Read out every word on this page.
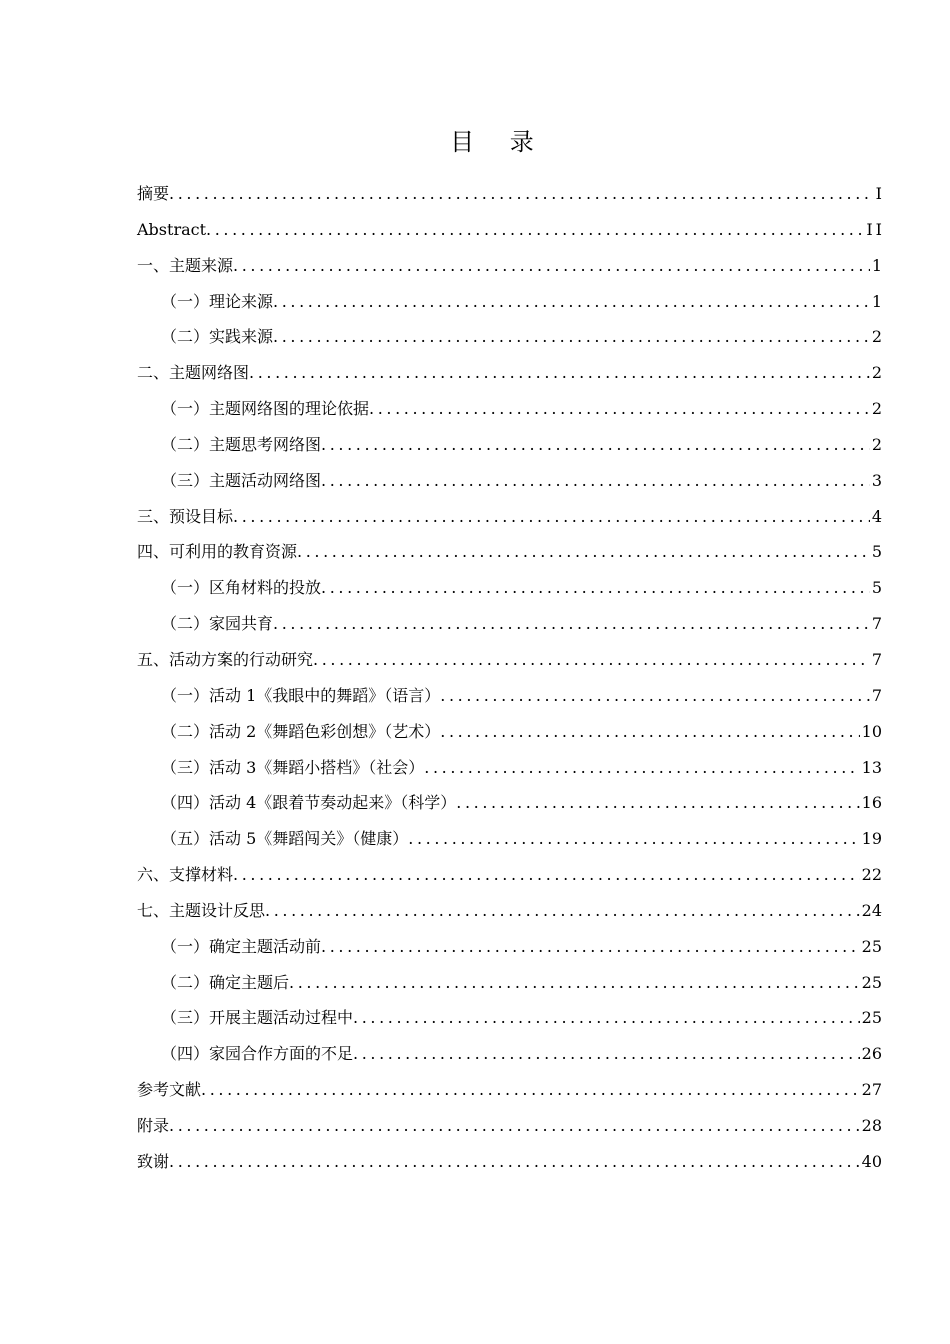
目 录
摘要 .....	I
Abstract .....	II
一、主题来源 .....	1
（一）理论来源 .....	1
（二）实践来源 .....	2
二、主题网络图 .....	2
（一）主题网络图的理论依据 .....	2
（二）主题思考网络图 .....	2
（三）主题活动网络图 .....	3
三、预设目标 .....	4
四、可利用的教育资源 .....	5
（一）区角材料的投放 .....	5
（二）家园共育 .....	7
五、活动方案的行动研究 .....	7
（一）活动 1《我眼中的舞蹈》（语言） .....	7
（二）活动 2《舞蹈色彩创想》（艺术） .....	10
（三）活动 3《舞蹈小搭档》（社会） .....	13
（四）活动 4《跟着节奏动起来》（科学） .....	16
（五）活动 5《舞蹈闯关》（健康） .....	19
六、支撑材料 .....	22
七、主题设计反思 .....	24
（一）确定主题活动前 .....	25
（二）确定主题后 .....	25
（三）开展主题活动过程中 .....	25
（四）家园合作方面的不足 .....	26
参考文献 .....	27
附录 .....	28
致谢 .....	40
